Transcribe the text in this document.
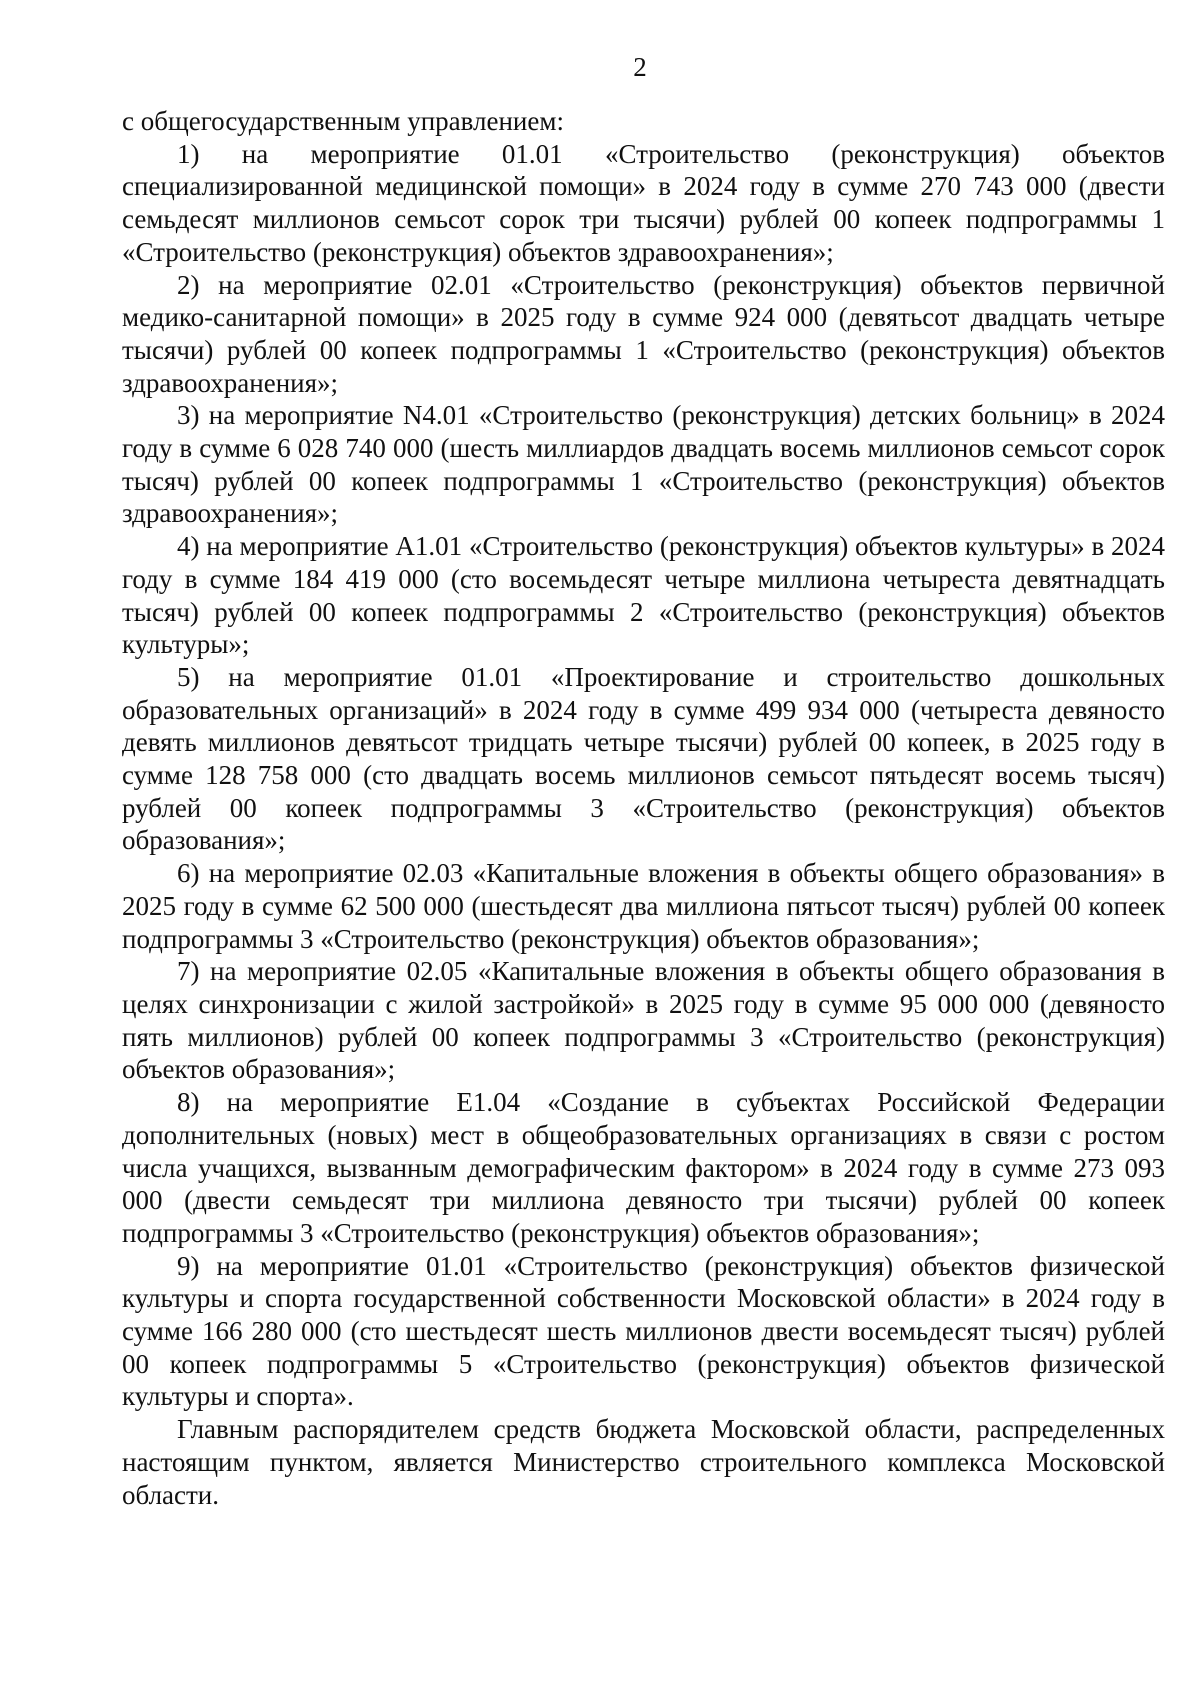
2

с общегосударственным управлением:

1) на мероприятие 01.01 «Строительство (реконструкция) объектов специализированной медицинской помощи» в 2024 году в сумме 270 743 000 (двести семьдесят миллионов семьсот сорок три тысячи) рублей 00 копеек подпрограммы 1 «Строительство (реконструкция) объектов здравоохранения»;

2) на мероприятие 02.01 «Строительство (реконструкция) объектов первичной медико-санитарной помощи» в 2025 году в сумме 924 000 (девятьсот двадцать четыре тысячи) рублей 00 копеек подпрограммы 1 «Строительство (реконструкция) объектов здравоохранения»;

3) на мероприятие N4.01 «Строительство (реконструкция) детских больниц» в 2024 году в сумме 6 028 740 000 (шесть миллиардов двадцать восемь миллионов семьсот сорок тысяч) рублей 00 копеек подпрограммы 1 «Строительство (реконструкция) объектов здравоохранения»;

4) на мероприятие А1.01 «Строительство (реконструкция) объектов культуры» в 2024 году в сумме 184 419 000 (сто восемьдесят четыре миллиона четыреста девятнадцать тысяч) рублей 00 копеек подпрограммы 2 «Строительство (реконструкция) объектов культуры»;

5) на мероприятие 01.01 «Проектирование и строительство дошкольных образовательных организаций» в 2024 году в сумме 499 934 000 (четыреста девяносто девять миллионов девятьсот тридцать четыре тысячи) рублей 00 копеек, в 2025 году в сумме 128 758 000 (сто двадцать восемь миллионов семьсот пятьдесят восемь тысяч) рублей 00 копеек подпрограммы 3 «Строительство (реконструкция) объектов образования»;

6) на мероприятие 02.03 «Капитальные вложения в объекты общего образования» в 2025 году в сумме 62 500 000 (шестьдесят два миллиона пятьсот тысяч) рублей 00 копеек подпрограммы 3 «Строительство (реконструкция) объектов образования»;

7) на мероприятие 02.05 «Капитальные вложения в объекты общего образования в целях синхронизации с жилой застройкой» в 2025 году в сумме 95 000 000 (девяносто пять миллионов) рублей 00 копеек подпрограммы 3 «Строительство (реконструкция) объектов образования»;

8) на мероприятие Е1.04 «Создание в субъектах Российской Федерации дополнительных (новых) мест в общеобразовательных организациях в связи с ростом числа учащихся, вызванным демографическим фактором» в 2024 году в сумме 273 093 000 (двести семьдесят три миллиона девяносто три тысячи) рублей 00 копеек подпрограммы 3 «Строительство (реконструкция) объектов образования»;

9) на мероприятие 01.01 «Строительство (реконструкция) объектов физической культуры и спорта государственной собственности Московской области» в 2024 году в сумме 166 280 000 (сто шестьдесят шесть миллионов двести восемьдесят тысяч) рублей 00 копеек подпрограммы 5 «Строительство (реконструкция) объектов физической культуры и спорта».

Главным распорядителем средств бюджета Московской области, распределенных настоящим пунктом, является Министерство строительного комплекса Московской области.
